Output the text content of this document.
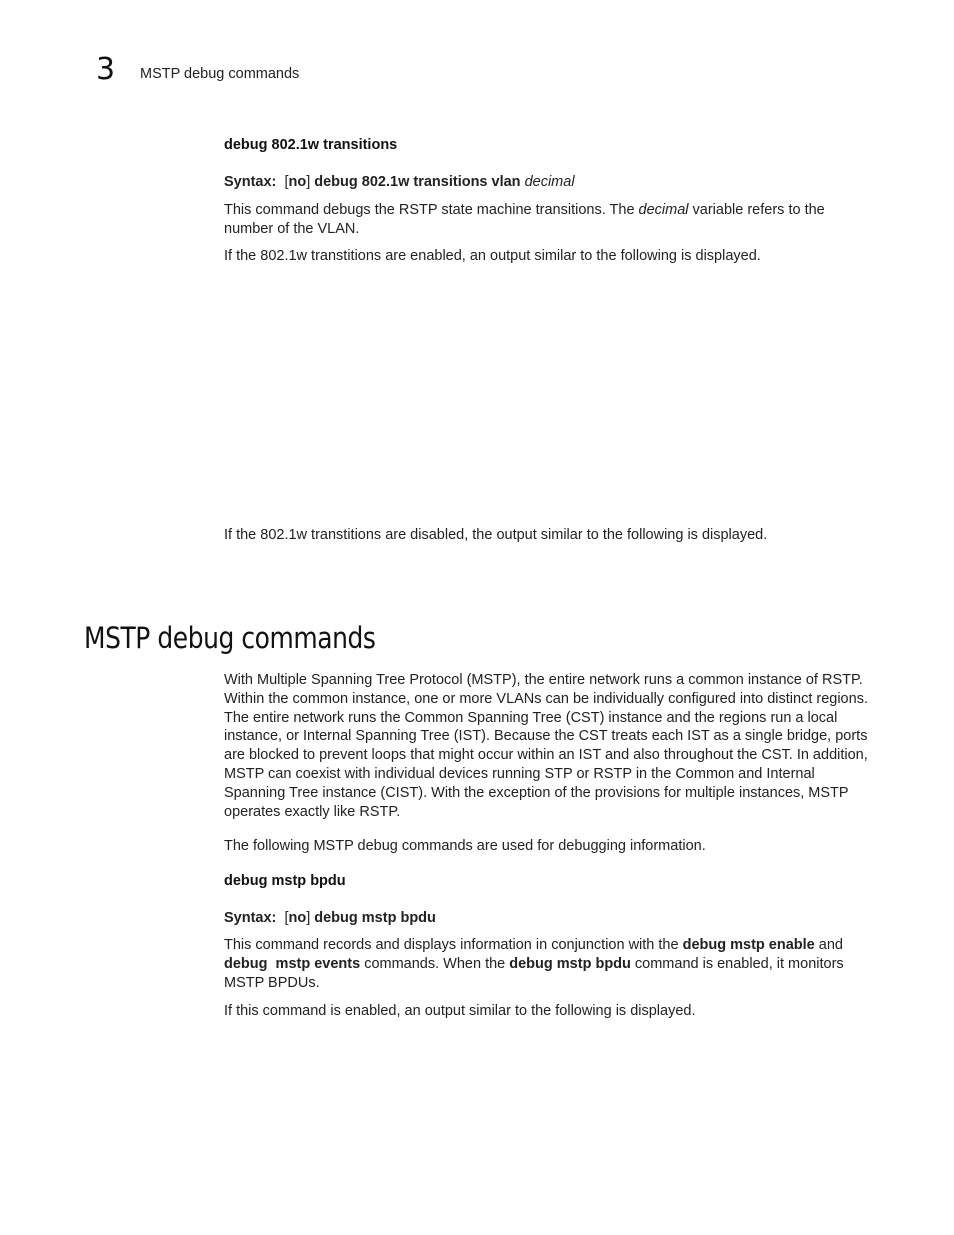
3 MSTP debug commands
debug 802.1w transitions
Syntax: [no] debug 802.1w transitions vlan decimal

This command debugs the RSTP state machine transitions. The decimal variable refers to the number of the VLAN.

If the 802.1w transtitions are enabled, an output similar to the following is displayed.

If the 802.1w transtitions are disabled, the output similar to the following is displayed.

MSTP debug commands

With Multiple Spanning Tree Protocol (MSTP), the entire network runs a common instance of RSTP. Within the common instance, one or more VLANs can be individually configured into distinct regions. The entire network runs the Common Spanning Tree (CST) instance and the regions run a local instance, or Internal Spanning Tree (IST). Because the CST treats each IST as a single bridge, ports are blocked to prevent loops that might occur within an IST and also throughout the CST. In addition, MSTP can coexist with individual devices running STP or RSTP in the Common and Internal Spanning Tree instance (CIST). With the exception of the provisions for multiple instances, MSTP operates exactly like RSTP.

The following MSTP debug commands are used for debugging information.

debug mstp bpdu
Syntax: [no] debug mstp bpdu

This command records and displays information in conjunction with the debug mstp enable and debug  mstp events commands. When the debug mstp bpdu command is enabled, it monitors MSTP BPDUs.

If this command is enabled, an output similar to the following is displayed.
